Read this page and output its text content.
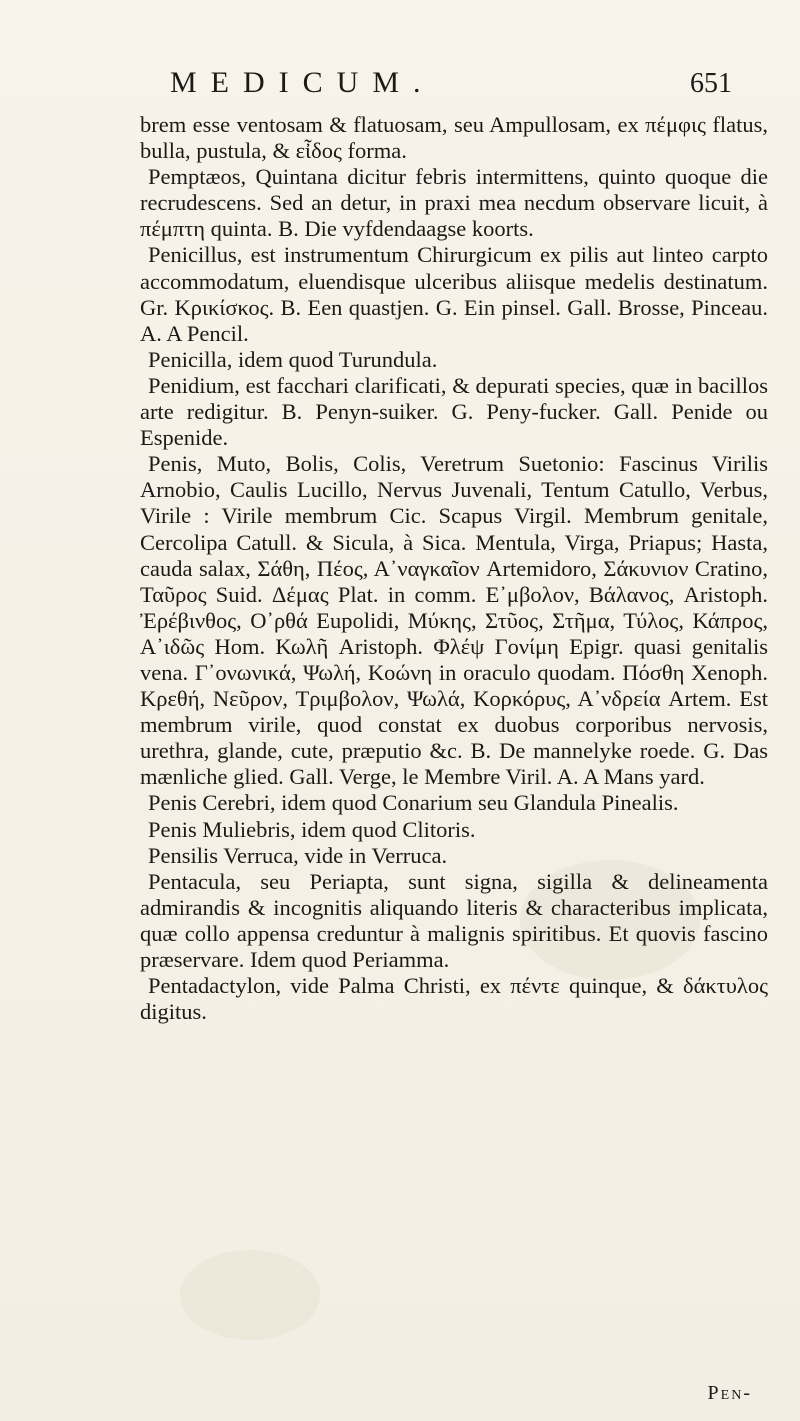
MEDICUM.	651

brem esse ventosam & flatuosam, seu Ampullosam, ex πέμφις flatus, bulla, pustula, & εἶδος forma.

Pemptæos, Quintana dicitur febris intermittens, quinto quoque die recrudescens. Sed an detur, in praxi mea necdum observare licuit, à πέμπτη quinta. B. Die vyfdendaagse koorts.

Penicillus, est instrumentum Chirurgicum ex pilis aut linteo carpto accommodatum, eluendisque ulceribus aliisque medelis destinatum. Gr. Κρικίσκος. B. Een quastjen. G. Ein pinsel. Gall. Brosse, Pinceau. A. A Pencil.

Penicilla, idem quod Turundula.

Penidium, est facchari clarificati, & depurati species, quæ in bacillos arte redigitur. B. Penyn-suiker. G. Peny-fucker. Gall. Penide ou Espenide.

Penis, Muto, Bolis, Colis, Veretrum Suetonio: Fascinus Virilis Arnobio, Caulis Lucillo, Nervus Juvenali, Tentum Catullo, Verbus, Virile : Virile membrum Cic. Scapus Virgil. Membrum genitale, Cercolipa Catull. & Sicula, à Sica. Mentula, Virga, Priapus; Hasta, cauda salax, Σάθη, Πέος, Α᾽ναγκαῖον Artemidoro, Σάκυνιον Cratino, Ταῦρος Suid. Δέμας Plat. in comm. Ε᾽μβολον, Βάλανος, Aristoph. Ἐρέβινθος, Ο᾽ρθά Eupolidi, Μύκης, Στῦος, Στῆμα, Τύλος, Κάπρος, Α᾽ιδῶς Hom. Κωλῆ Aristoph. Φλέψ Γονίμη Epigr. quasi genitalis vena. Γ᾽ονωνικά, Ψωλή, Κοώνη in oraculo quodam. Πόσθη Xenoph. Κρεθή, Νεῦρον, Τριμβολον, Ψωλά, Κορκόρυς, Α᾽νδρεία Artem. Est membrum virile, quod constat ex duobus corporibus nervosis, urethra, glande, cute, præputio &c. B. De mannelyke roede. G. Das mænliche glied. Gall. Verge, le Membre Viril. A. A Mans yard.

Penis Cerebri, idem quod Conarium seu Glandula Pinealis.

Penis Muliebris, idem quod Clitoris.

Pensilis Verruca, vide in Verruca.

Pentacula, seu Periapta, sunt signa, sigilla & delineamenta admirandis & incognitis aliquando literis & characteribus implicata, quæ collo appensa creduntur à malignis spiritibus. Et quovis fascino præservare. Idem quod Periamma.

Pentadactylon, vide Palma Christi, ex πέντε quinque, & δάκτυλος digitus.

Pen-
